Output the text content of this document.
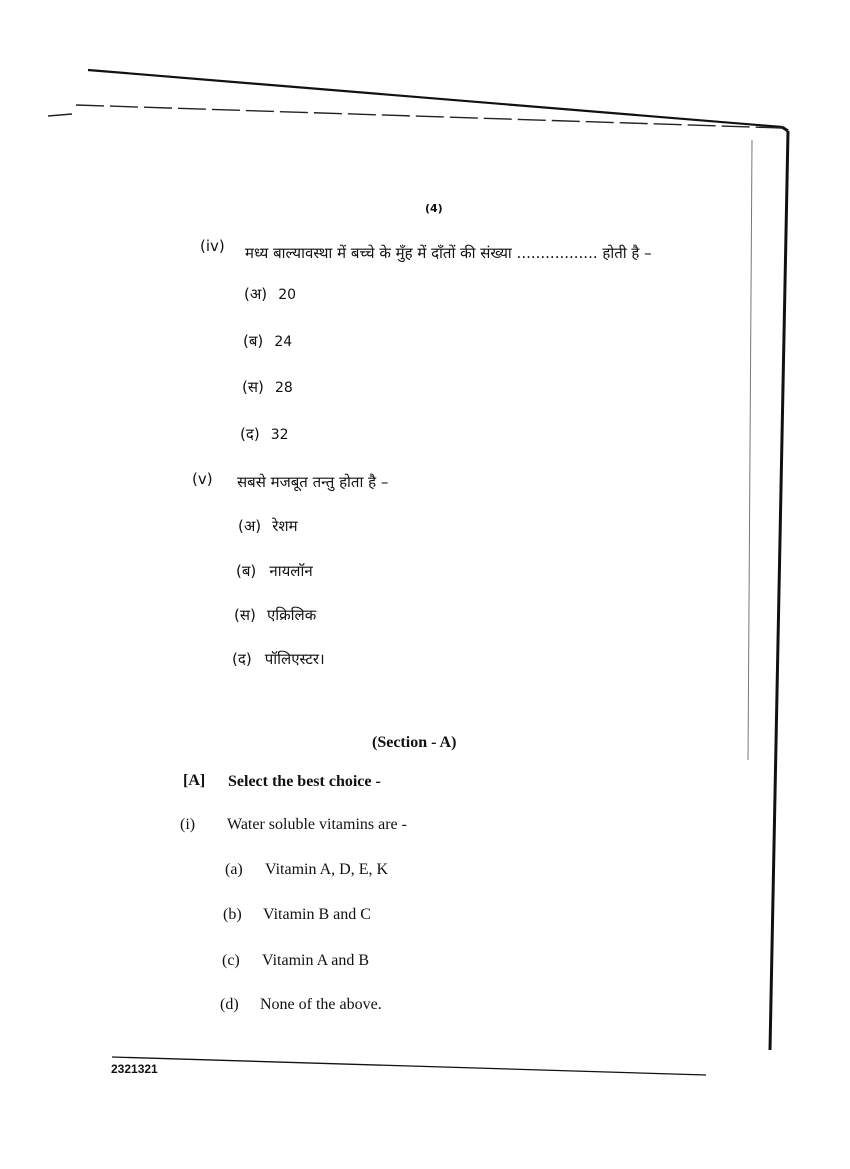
(4)
(iv) मध्य बाल्यावस्था में बच्चे के मुँह में दाँतों की संख्या ................. होती है –
(अ) 20
(ब) 24
(स) 28
(द) 32
(v) सबसे मजबूत तन्तु होता है –
(अ) रेशम
(ब) नायलॉन
(स) एक्रिलिक
(द) पॉलिएस्टर।
(Section - A)
[A] Select the best choice -
(i) Water soluble vitamins are -
(a) Vitamin A, D, E, K
(b) Vitamin B and C
(c) Vitamin A and B
(d) None of the above.
2321321
